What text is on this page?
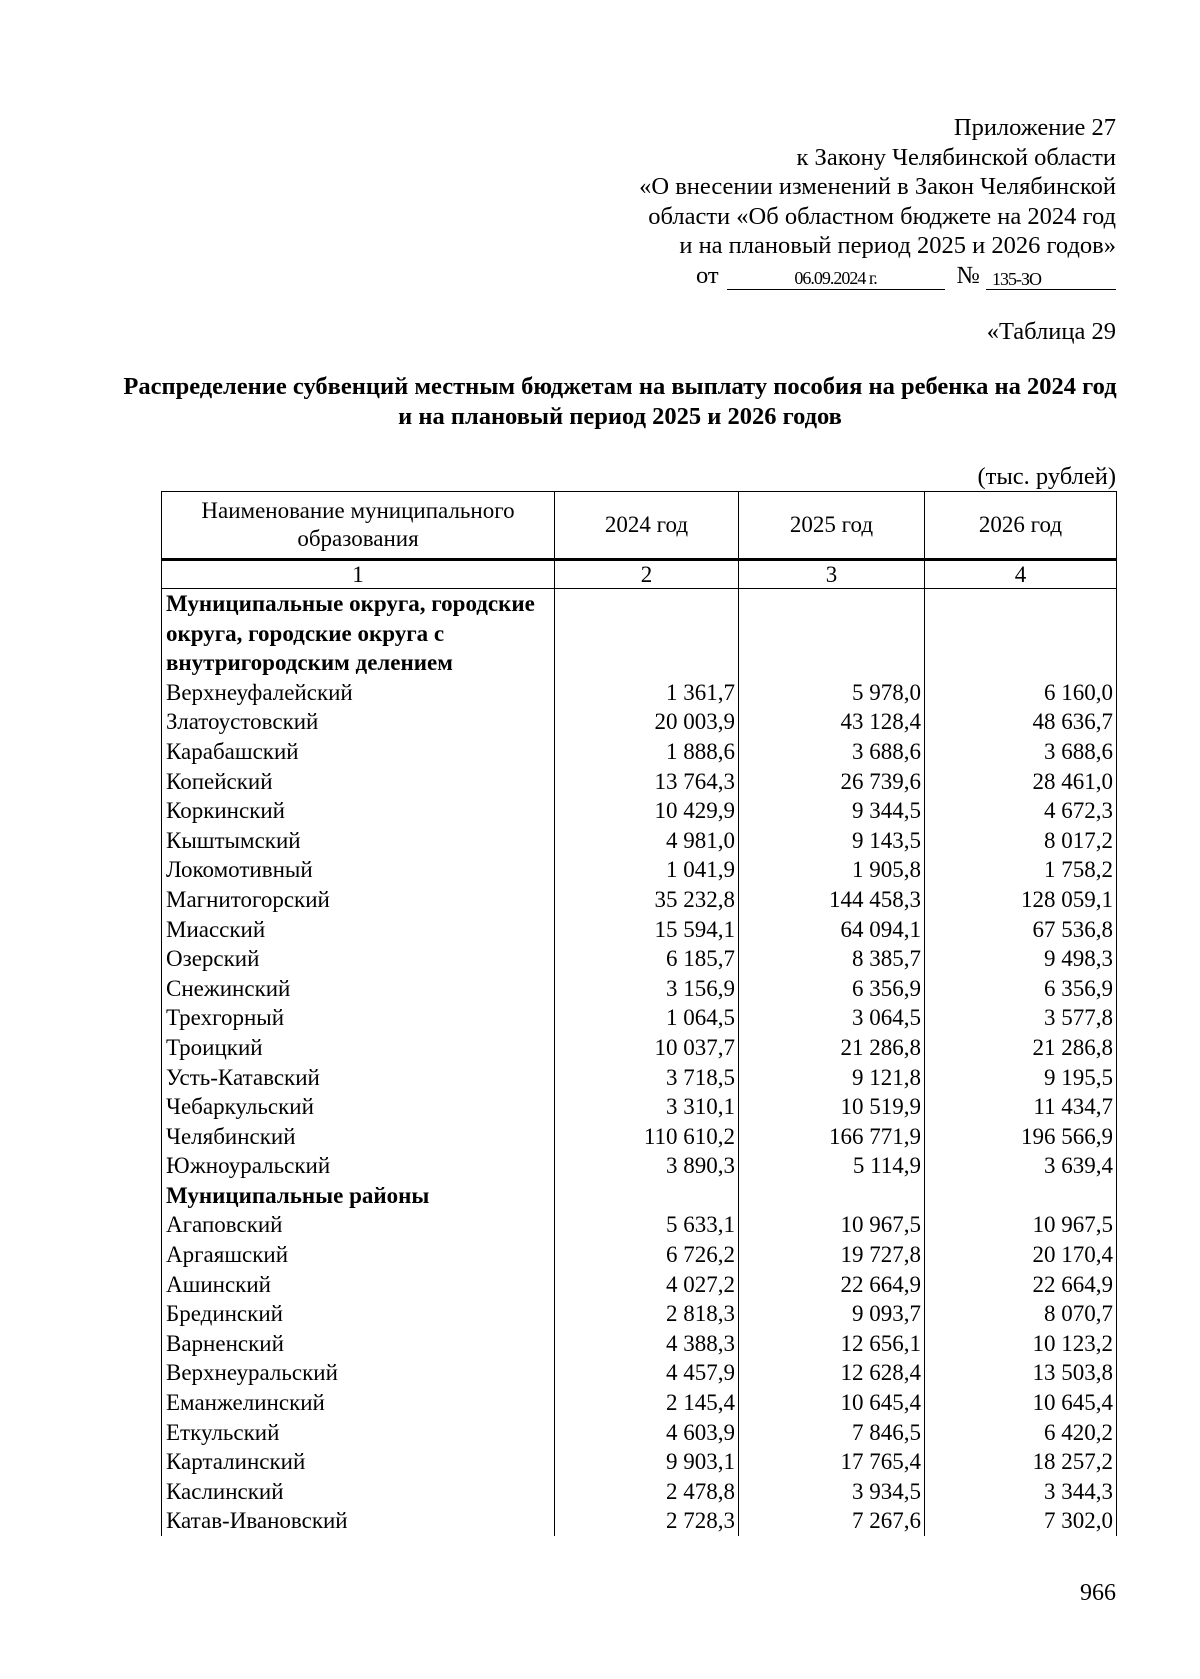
Приложение 27
к Закону Челябинской области
«О внесении изменений в Закон Челябинской
области «Об областном бюджете на 2024 год
и на плановый период 2025 и 2026 годов»
от	06.09.2024 г.	№ 135-ЗО
«Таблица 29
Распределение субвенций местным бюджетам на выплату пособия на ребенка на 2024 год и на плановый период 2025 и 2026 годов
(тыс. рублей)
Наименование муниципального образования	2024 год	2025 год	2026 год
1	2	3	4
Муниципальные округа, городские округа, городские округа с внутригородским делением			
Верхнеуфалейский	1 361,7	5 978,0	6 160,0
Златоустовский	20 003,9	43 128,4	48 636,7
Карабашский	1 888,6	3 688,6	3 688,6
Копейский	13 764,3	26 739,6	28 461,0
Коркинский	10 429,9	9 344,5	4 672,3
Кыштымский	4 981,0	9 143,5	8 017,2
Локомотивный	1 041,9	1 905,8	1 758,2
Магнитогорский	35 232,8	144 458,3	128 059,1
Миасский	15 594,1	64 094,1	67 536,8
Озерский	6 185,7	8 385,7	9 498,3
Снежинский	3 156,9	6 356,9	6 356,9
Трехгорный	1 064,5	3 064,5	3 577,8
Троицкий	10 037,7	21 286,8	21 286,8
Усть-Катавский	3 718,5	9 121,8	9 195,5
Чебаркульский	3 310,1	10 519,9	11 434,7
Челябинский	110 610,2	166 771,9	196 566,9
Южноуральский	3 890,3	5 114,9	3 639,4
Муниципальные районы			
Агаповский	5 633,1	10 967,5	10 967,5
Аргаяшский	6 726,2	19 727,8	20 170,4
Ашинский	4 027,2	22 664,9	22 664,9
Брединский	2 818,3	9 093,7	8 070,7
Варненский	4 388,3	12 656,1	10 123,2
Верхнеуральский	4 457,9	12 628,4	13 503,8
Еманжелинский	2 145,4	10 645,4	10 645,4
Еткульский	4 603,9	7 846,5	6 420,2
Карталинский	9 903,1	17 765,4	18 257,2
Каслинский	2 478,8	3 934,5	3 344,3
Катав-Ивановский	2 728,3	7 267,6	7 302,0
966
